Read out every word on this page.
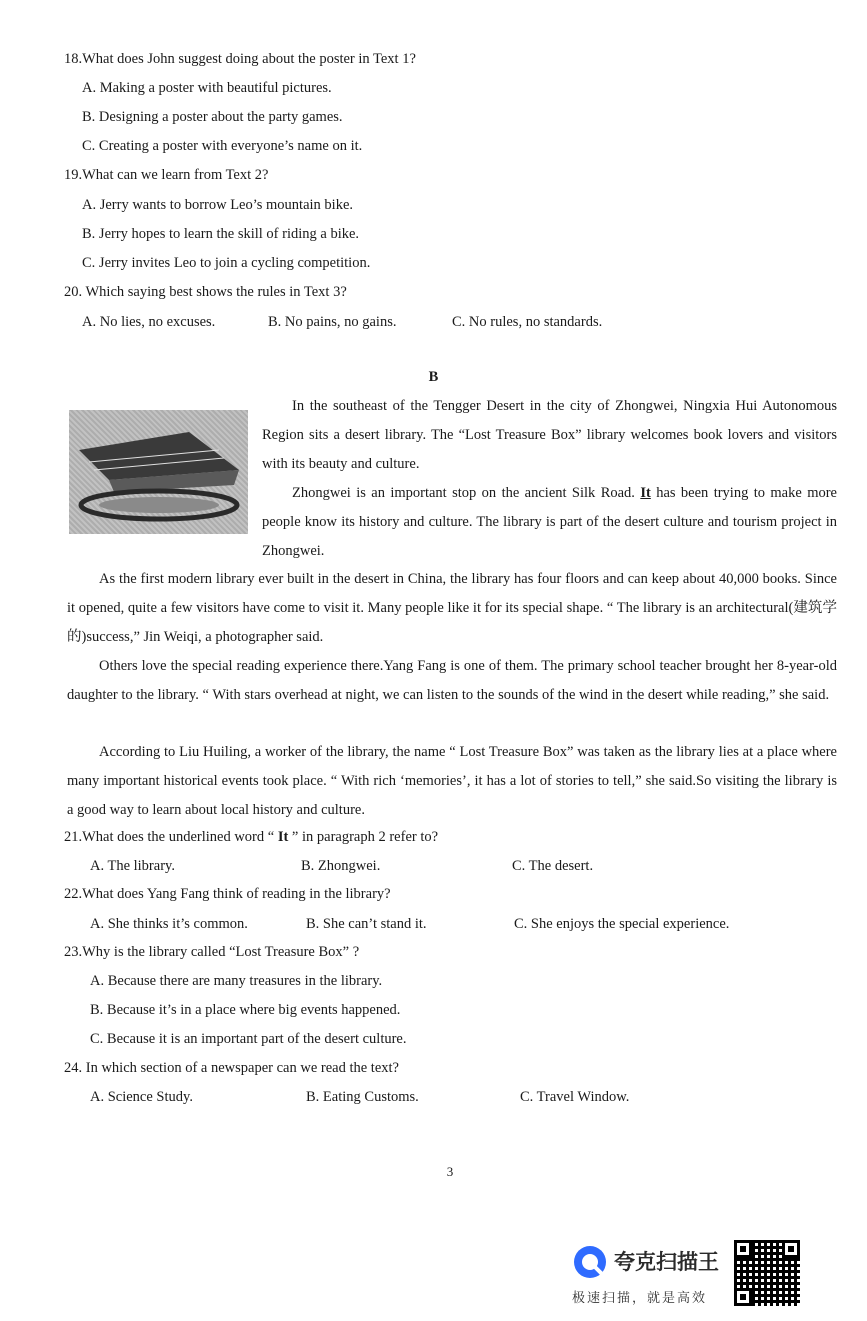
18.What does John suggest doing about the poster in Text 1?
A. Making a poster with beautiful pictures.
B. Designing a poster about the party games.
C. Creating a poster with everyone’s name on it.
19.What can we learn from Text 2?
A. Jerry wants to borrow Leo’s mountain bike.
B. Jerry hopes to learn the skill of riding a bike.
C. Jerry invites Leo to join a cycling competition.
20. Which saying best shows the rules in Text 3?
A. No lies, no excuses.	B. No pains, no gains.	C. No rules, no standards.
B

In the southeast of the Tengger Desert in the city of Zhongwei, Ningxia Hui Autonomous Region sits a desert library. The “Lost Treasure Box” library welcomes book lovers and visitors with its beauty and culture.

Zhongwei is an important stop on the ancient Silk Road. It has been trying to make more people know its history and culture. The library is part of the desert culture and tourism project in Zhongwei.

As the first modern library ever built in the desert in China, the library has four floors and can keep about 40,000 books. Since it opened, quite a few visitors have come to visit it. Many people like it for its special shape. “ The library is an architectural(建筑学的)success,” Jin Weiqi, a photographer said.

Others love the special reading experience there.Yang Fang is one of them. The primary school teacher brought her 8-year-old daughter to the library. “ With stars overhead at night, we can listen to the sounds of the wind in the desert while reading,” she said.

According to Liu Huiling, a worker of the library, the name “ Lost Treasure Box” was taken as the library lies at a place where many important historical events took place. “ With rich ‘memories’, it has a lot of stories to tell,” she said.So visiting the library is a good way to learn about local history and culture.

21.What does the underlined word “ It ” in paragraph 2 refer to?
A. The library.	B. Zhongwei.	C. The desert.
22.What does Yang Fang think of reading in the library?
A. She thinks it’s common.	B. She can’t stand it.	C. She enjoys the special experience.
23.Why is the library called “Lost Treasure Box” ?
A. Because there are many treasures in the library.
B. Because it’s in a place where big events happened.
C. Because it is an important part of the desert culture.
24. In which section of a newspaper can we read the text?
A. Science Study.	B. Eating Customs.	C. Travel Window.
3
夸克扫描王
极速扫描，就是高效
